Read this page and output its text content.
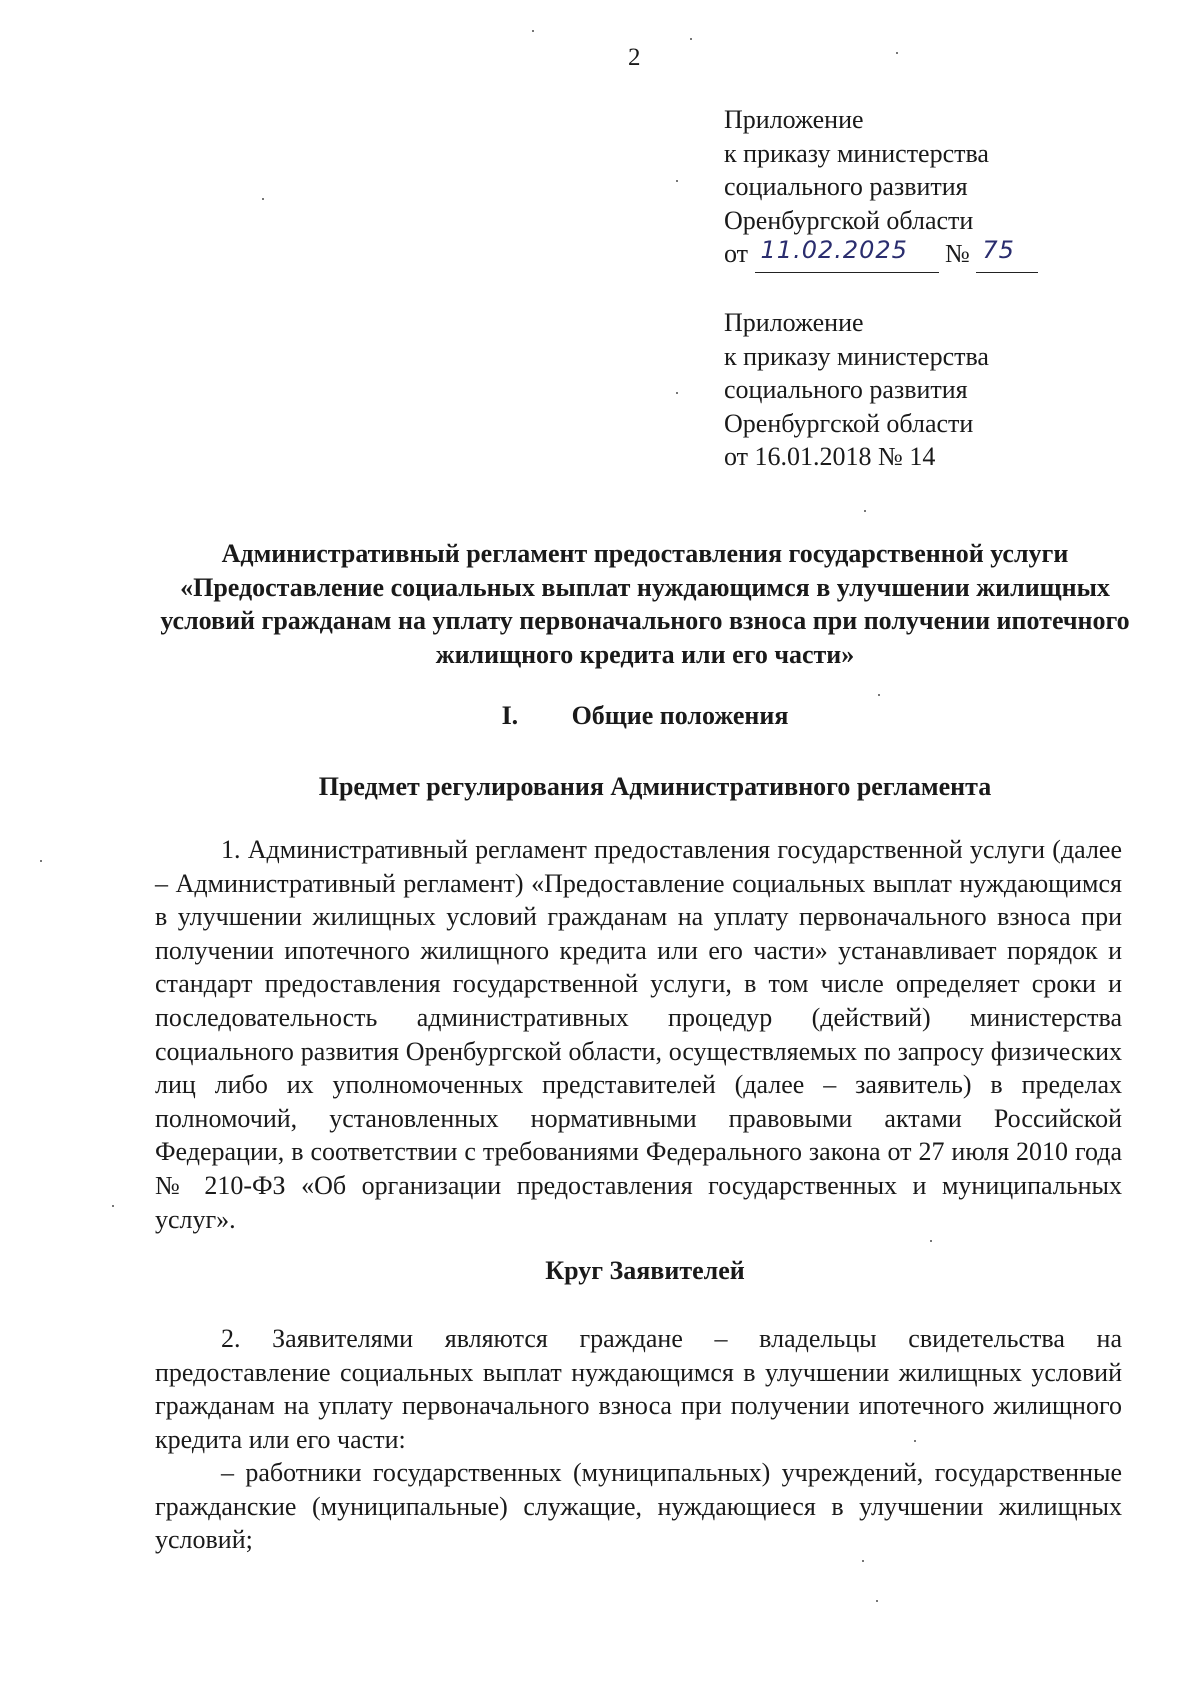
2
Приложение
к приказу министерства
социального развития
Оренбургской области
от 11.02.2025 № 75
Приложение
к приказу министерства
социального развития
Оренбургской области
от 16.01.2018 № 14
Административный регламент предоставления государственной услуги «Предоставление социальных выплат нуждающимся в улучшении жилищных условий гражданам на уплату первоначального взноса при получении ипотечного жилищного кредита или его части»
I. Общие положения
Предмет регулирования Административного регламента

1. Административный регламент предоставления государственной услуги (далее – Административный регламент) «Предоставление социальных выплат нуждающимся в улучшении жилищных условий гражданам на уплату первоначального взноса при получении ипотечного жилищного кредита или его части» устанавливает порядок и стандарт предоставления государственной услуги, в том числе определяет сроки и последовательность административных процедур (действий) министерства социального развития Оренбургской области, осуществляемых по запросу физических лиц либо их уполномоченных представителей (далее – заявитель) в пределах полномочий, установленных нормативными правовыми актами Российской Федерации, в соответствии с требованиями Федерального закона от 27 июля 2010 года № 210-ФЗ «Об организации предоставления государственных и муниципальных услуг».

Круг Заявителей

2. Заявителями являются граждане – владельцы свидетельства на предоставление социальных выплат нуждающимся в улучшении жилищных условий гражданам на уплату первоначального взноса при получении ипотечного жилищного кредита или его части:

– работники государственных (муниципальных) учреждений, государственные гражданские (муниципальные) служащие, нуждающиеся в улучшении жилищных условий;
